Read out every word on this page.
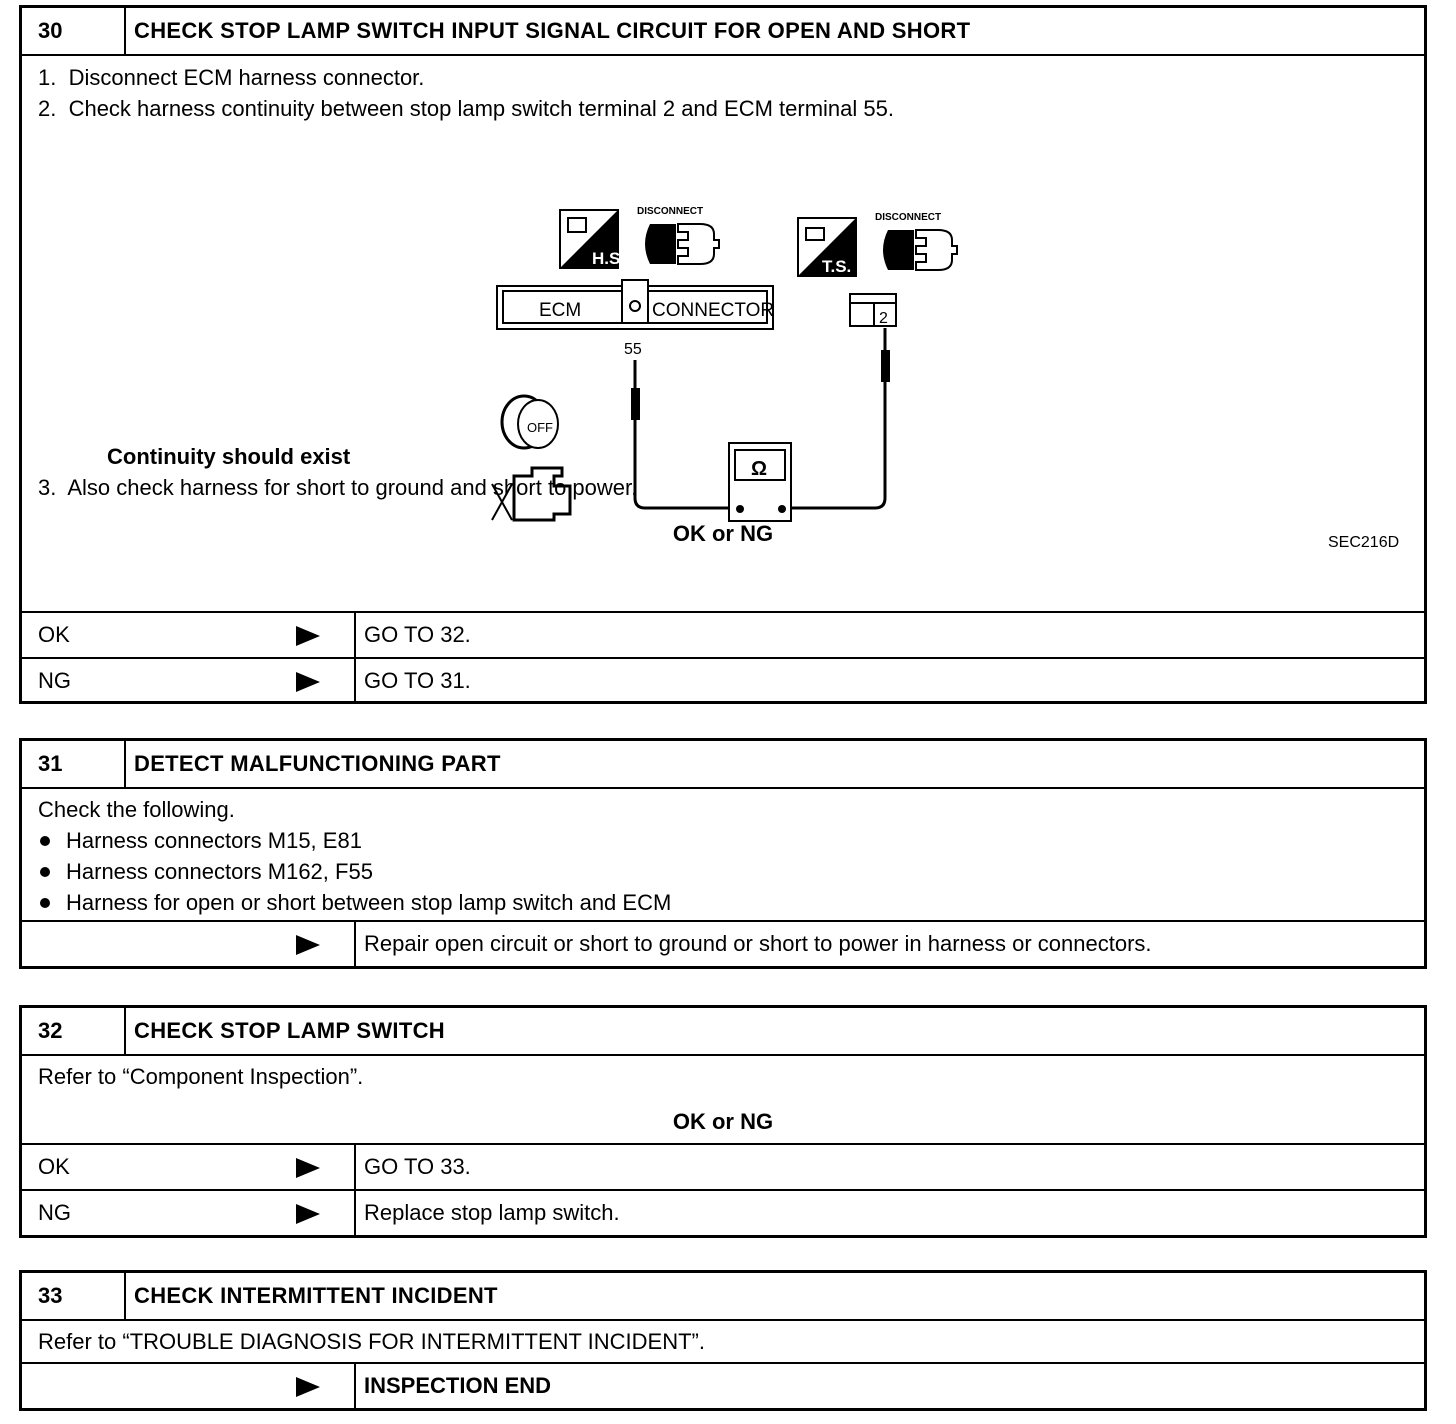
30	CHECK STOP LAMP SWITCH INPUT SIGNAL CIRCUIT FOR OPEN AND SHORT
1.  Disconnect ECM harness connector.
2.  Check harness continuity between stop lamp switch terminal 2 and ECM terminal 55.
H.S.
DISCONNECT
T.S.
DISCONNECT
ECM	CONNECTOR
55
2
Ω
OFF
SEC216D
Continuity should exist
3.  Also check harness for short to ground and short to power.
OK or NG
OK	GO TO 32.
NG	GO TO 31.
31	DETECT MALFUNCTIONING PART
Check the following.
Harness connectors M15, E81
Harness connectors M162, F55
Harness for open or short between stop lamp switch and ECM
Repair open circuit or short to ground or short to power in harness or connectors.
32	CHECK STOP LAMP SWITCH
Refer to “Component Inspection”.
OK or NG
OK	GO TO 33.
NG	Replace stop lamp switch.
33	CHECK INTERMITTENT INCIDENT
Refer to “TROUBLE DIAGNOSIS FOR INTERMITTENT INCIDENT”.
INSPECTION END
